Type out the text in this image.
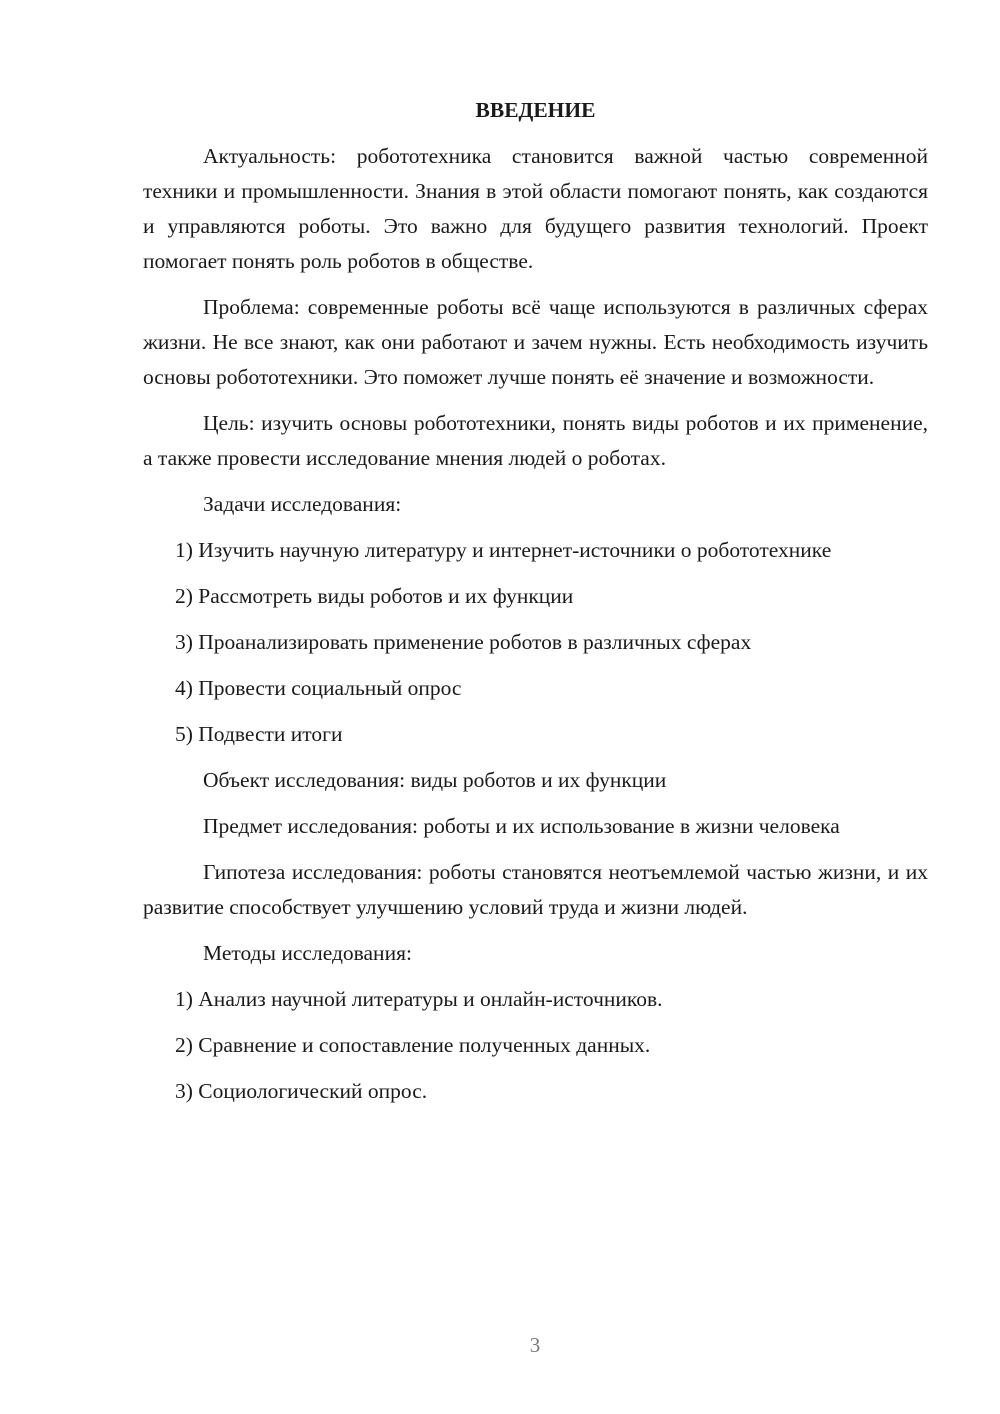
ВВЕДЕНИЕ

Актуальность: робототехника становится важной частью современной техники и промышленности. Знания в этой области помогают понять, как создаются и управляются роботы. Это важно для будущего развития технологий. Проект помогает понять роль роботов в обществе.

Проблема: современные роботы всё чаще используются в различных сферах жизни. Не все знают, как они работают и зачем нужны. Есть необходимость изучить основы робототехники. Это поможет лучше понять её значение и возможности.

Цель: изучить основы робототехники, понять виды роботов и их применение, а также провести исследование мнения людей о роботах.

Задачи исследования:

1) Изучить научную литературу и интернет-источники о робототехнике

2) Рассмотреть виды роботов и их функции

3) Проанализировать применение роботов в различных сферах

4) Провести социальный опрос

5) Подвести итоги

Объект исследования: виды роботов и их функции

Предмет исследования: роботы и их использование в жизни человека

Гипотеза исследования: роботы становятся неотъемлемой частью жизни, и их развитие способствует улучшению условий труда и жизни людей.

Методы исследования:

1) Анализ научной литературы и онлайн-источников.

2) Сравнение и сопоставление полученных данных.

3) Социологический опрос.

3
